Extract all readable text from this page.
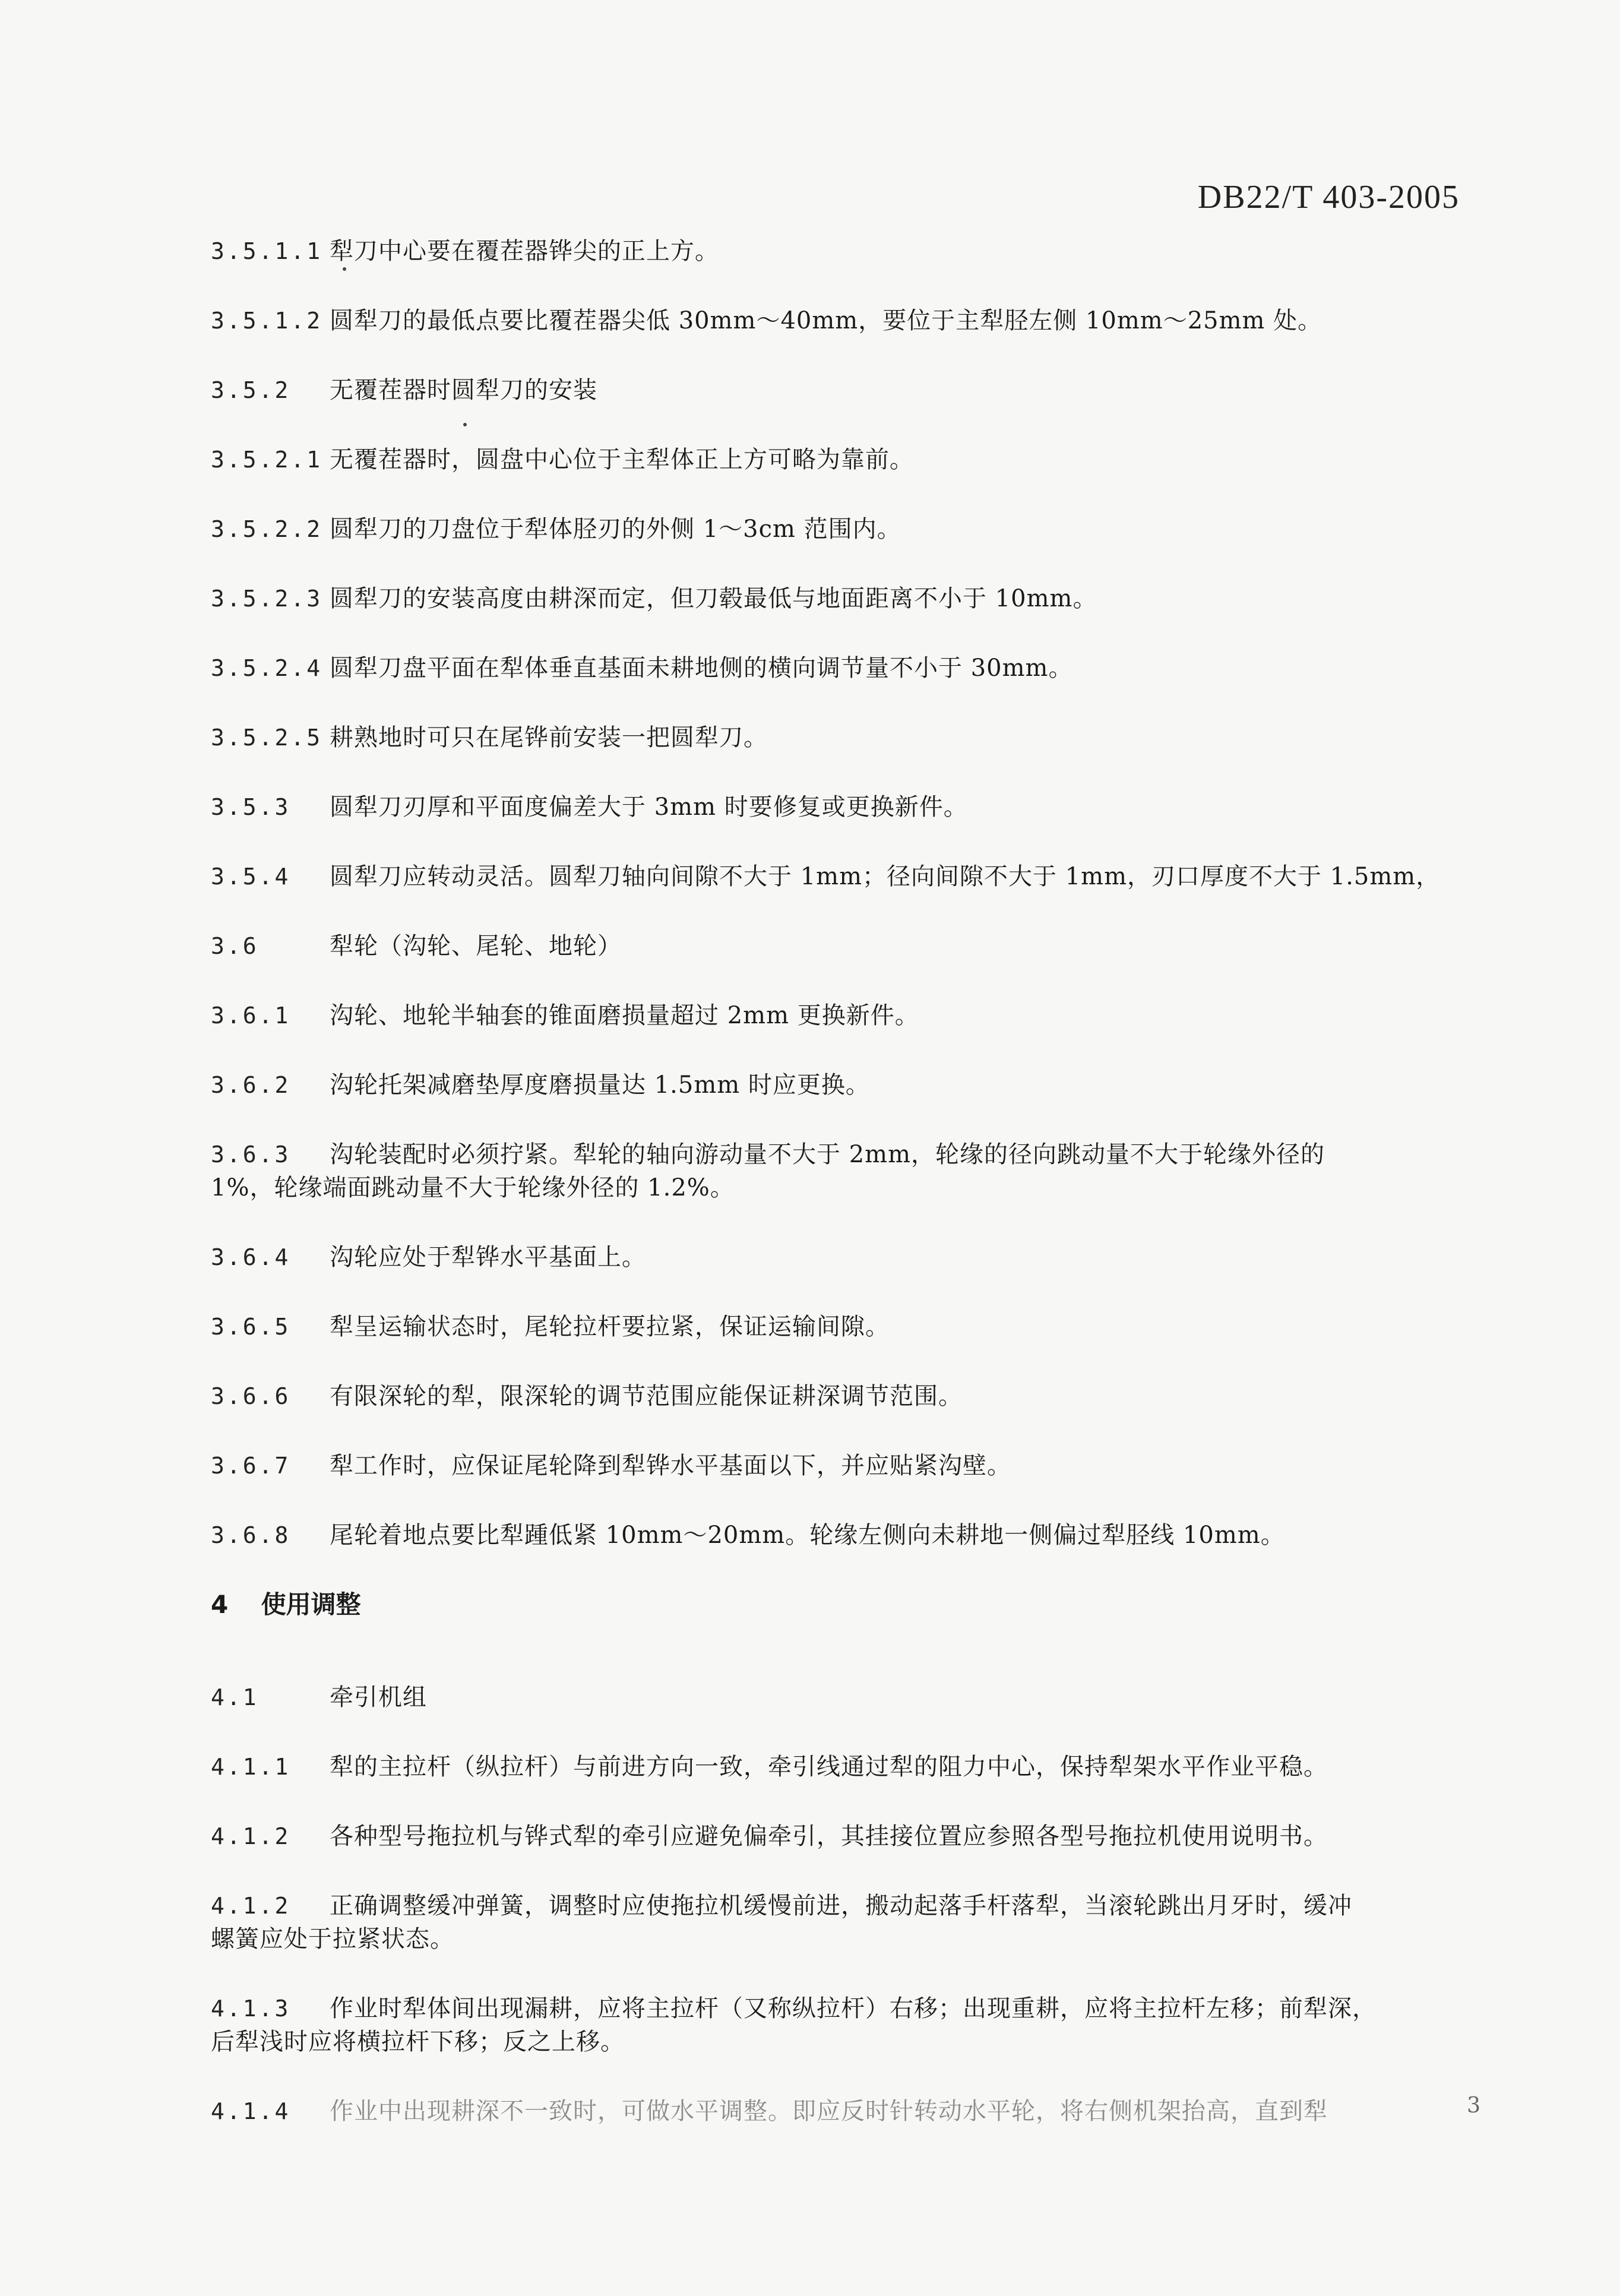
DB22/T 403-2005
3.5.1.1 犁刀中心要在覆茬器铧尖的正上方。
3.5.1.2 圆犁刀的最低点要比覆茬器尖低 30mm～40mm，要位于主犁胫左侧 10mm～25mm 处。
3.5.2 无覆茬器时圆犁刀的安装
3.5.2.1 无覆茬器时，圆盘中心位于主犁体正上方可略为靠前。
3.5.2.2 圆犁刀的刀盘位于犁体胫刃的外侧 1～3cm 范围内。
3.5.2.3 圆犁刀的安装高度由耕深而定，但刀毂最低与地面距离不小于 10mm。
3.5.2.4 圆犁刀盘平面在犁体垂直基面未耕地侧的横向调节量不小于 30mm。
3.5.2.5 耕熟地时可只在尾铧前安装一把圆犁刀。
3.5.3 圆犁刀刃厚和平面度偏差大于 3mm 时要修复或更换新件。
3.5.4 圆犁刀应转动灵活。圆犁刀轴向间隙不大于 1mm；径向间隙不大于 1mm，刃口厚度不大于 1.5mm，
3.6	犁轮（沟轮、尾轮、地轮）
3.6.1 沟轮、地轮半轴套的锥面磨损量超过 2mm 更换新件。
3.6.2 沟轮托架减磨垫厚度磨损量达 1.5mm 时应更换。
3.6.3 沟轮装配时必须拧紧。犁轮的轴向游动量不大于 2mm，轮缘的径向跳动量不大于轮缘外径的
1%，轮缘端面跳动量不大于轮缘外径的 1.2%。
3.6.4 沟轮应处于犁铧水平基面上。
3.6.5 犁呈运输状态时，尾轮拉杆要拉紧，保证运输间隙。
3.6.6 有限深轮的犁，限深轮的调节范围应能保证耕深调节范围。
3.6.7 犁工作时，应保证尾轮降到犁铧水平基面以下，并应贴紧沟壁。
3.6.8 尾轮着地点要比犁踵低紧 10mm～20mm。轮缘左侧向未耕地一侧偏过犁胫线 10mm。
4 使用调整
4.1	牵引机组
4.1.1 犁的主拉杆（纵拉杆）与前进方向一致，牵引线通过犁的阻力中心，保持犁架水平作业平稳。
4.1.2 各种型号拖拉机与铧式犁的牵引应避免偏牵引，其挂接位置应参照各型号拖拉机使用说明书。
4.1.2 正确调整缓冲弹簧，调整时应使拖拉机缓慢前进，搬动起落手杆落犁，当滚轮跳出月牙时，缓冲
螺簧应处于拉紧状态。
4.1.3 作业时犁体间出现漏耕，应将主拉杆（又称纵拉杆）右移；出现重耕，应将主拉杆左移；前犁深，
后犁浅时应将横拉杆下移；反之上移。
4.1.4 作业中出现耕深不一致时，可做水平调整。即应反时针转动水平轮，将右侧机架抬高，直到犁	3
